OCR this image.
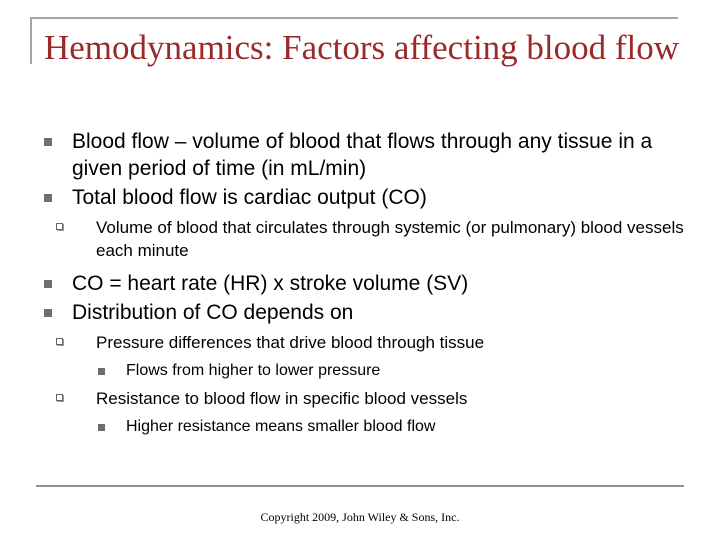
Hemodynamics: Factors affecting blood flow
Blood flow – volume of blood that flows through any tissue in a given period of time (in mL/min)
Total blood flow is cardiac output (CO)
Volume of blood that circulates through systemic (or pulmonary) blood vessels each minute
CO = heart rate (HR) x stroke volume (SV)
Distribution of CO depends on
Pressure differences that drive blood through tissue
Flows from higher to lower pressure
Resistance to blood flow in specific blood vessels
Higher resistance means smaller blood flow
Copyright 2009, John Wiley & Sons, Inc.
